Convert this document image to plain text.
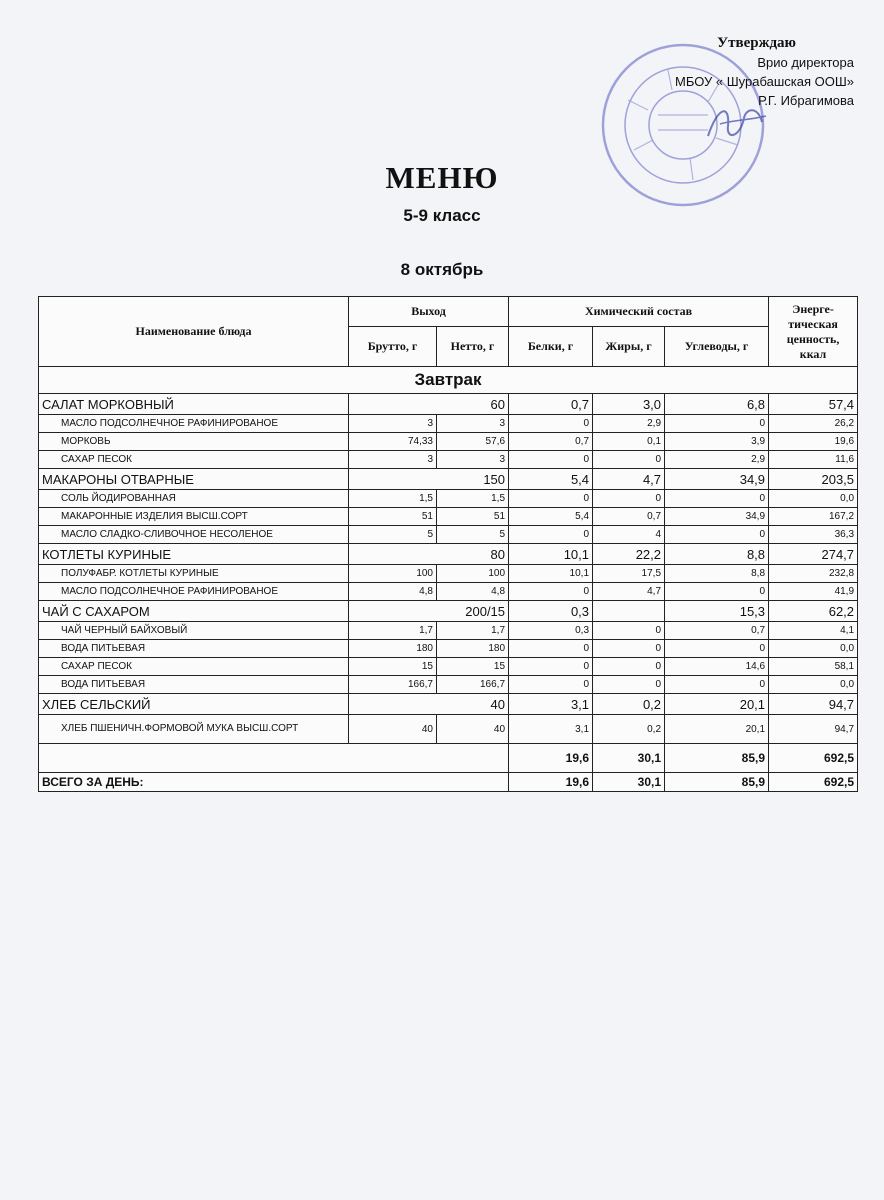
Утверждаю
Врио директора
МБОУ « Шурабашская ООШ»
Р.Г. Ибрагимова
МЕНЮ
5-9 класс
8 октябрь
Наименование блюда	Выход		Химический состав			Энерге-тическая ценность, ккал
	Брутто, г	Нетто, г	Белки, г	Жиры, г	Углеводы, г	
Завтрак						
САЛАТ МОРКОВНЫЙ	60		0,7	3,0	6,8	57,4
МАСЛО ПОДСОЛНЕЧНОЕ РАФИНИРОВАНОЕ	3	3	0	2,9	0	26,2
МОРКОВЬ	74,33	57,6	0,7	0,1	3,9	19,6
САХАР ПЕСОК	3	3	0	0	2,9	11,6
МАКАРОНЫ ОТВАРНЫЕ	150		5,4	4,7	34,9	203,5
СОЛЬ ЙОДИРОВАННАЯ	1,5	1,5	0	0	0	0,0
МАКАРОННЫЕ ИЗДЕЛИЯ ВЫСШ.СОРТ	51	51	5,4	0,7	34,9	167,2
МАСЛО СЛАДКО-СЛИВОЧНОЕ НЕСОЛЕНОЕ	5	5	0	4	0	36,3
КОТЛЕТЫ КУРИНЫЕ	80		10,1	22,2	8,8	274,7
ПОЛУФАБР. КОТЛЕТЫ КУРИНЫЕ	100	100	10,1	17,5	8,8	232,8
МАСЛО ПОДСОЛНЕЧНОЕ РАФИНИРОВАНОЕ	4,8	4,8	0	4,7	0	41,9
ЧАЙ С САХАРОМ	200/15		0,3		15,3	62,2
ЧАЙ ЧЕРНЫЙ БАЙХОВЫЙ	1,7	1,7	0,3	0	0,7	4,1
ВОДА ПИТЬЕВАЯ	180	180	0	0	0	0,0
САХАР ПЕСОК	15	15	0	0	14,6	58,1
ВОДА ПИТЬЕВАЯ	166,7	166,7	0	0	0	0,0
ХЛЕБ СЕЛЬСКИЙ	40		3,1	0,2	20,1	94,7
ХЛЕБ ПШЕНИЧН.ФОРМОВОЙ МУКА ВЫСШ.СОРТ	40	40	3,1	0,2	20,1	94,7
			19,6	30,1	85,9	692,5
ВСЕГО ЗА ДЕНЬ:			19,6	30,1	85,9	692,5
